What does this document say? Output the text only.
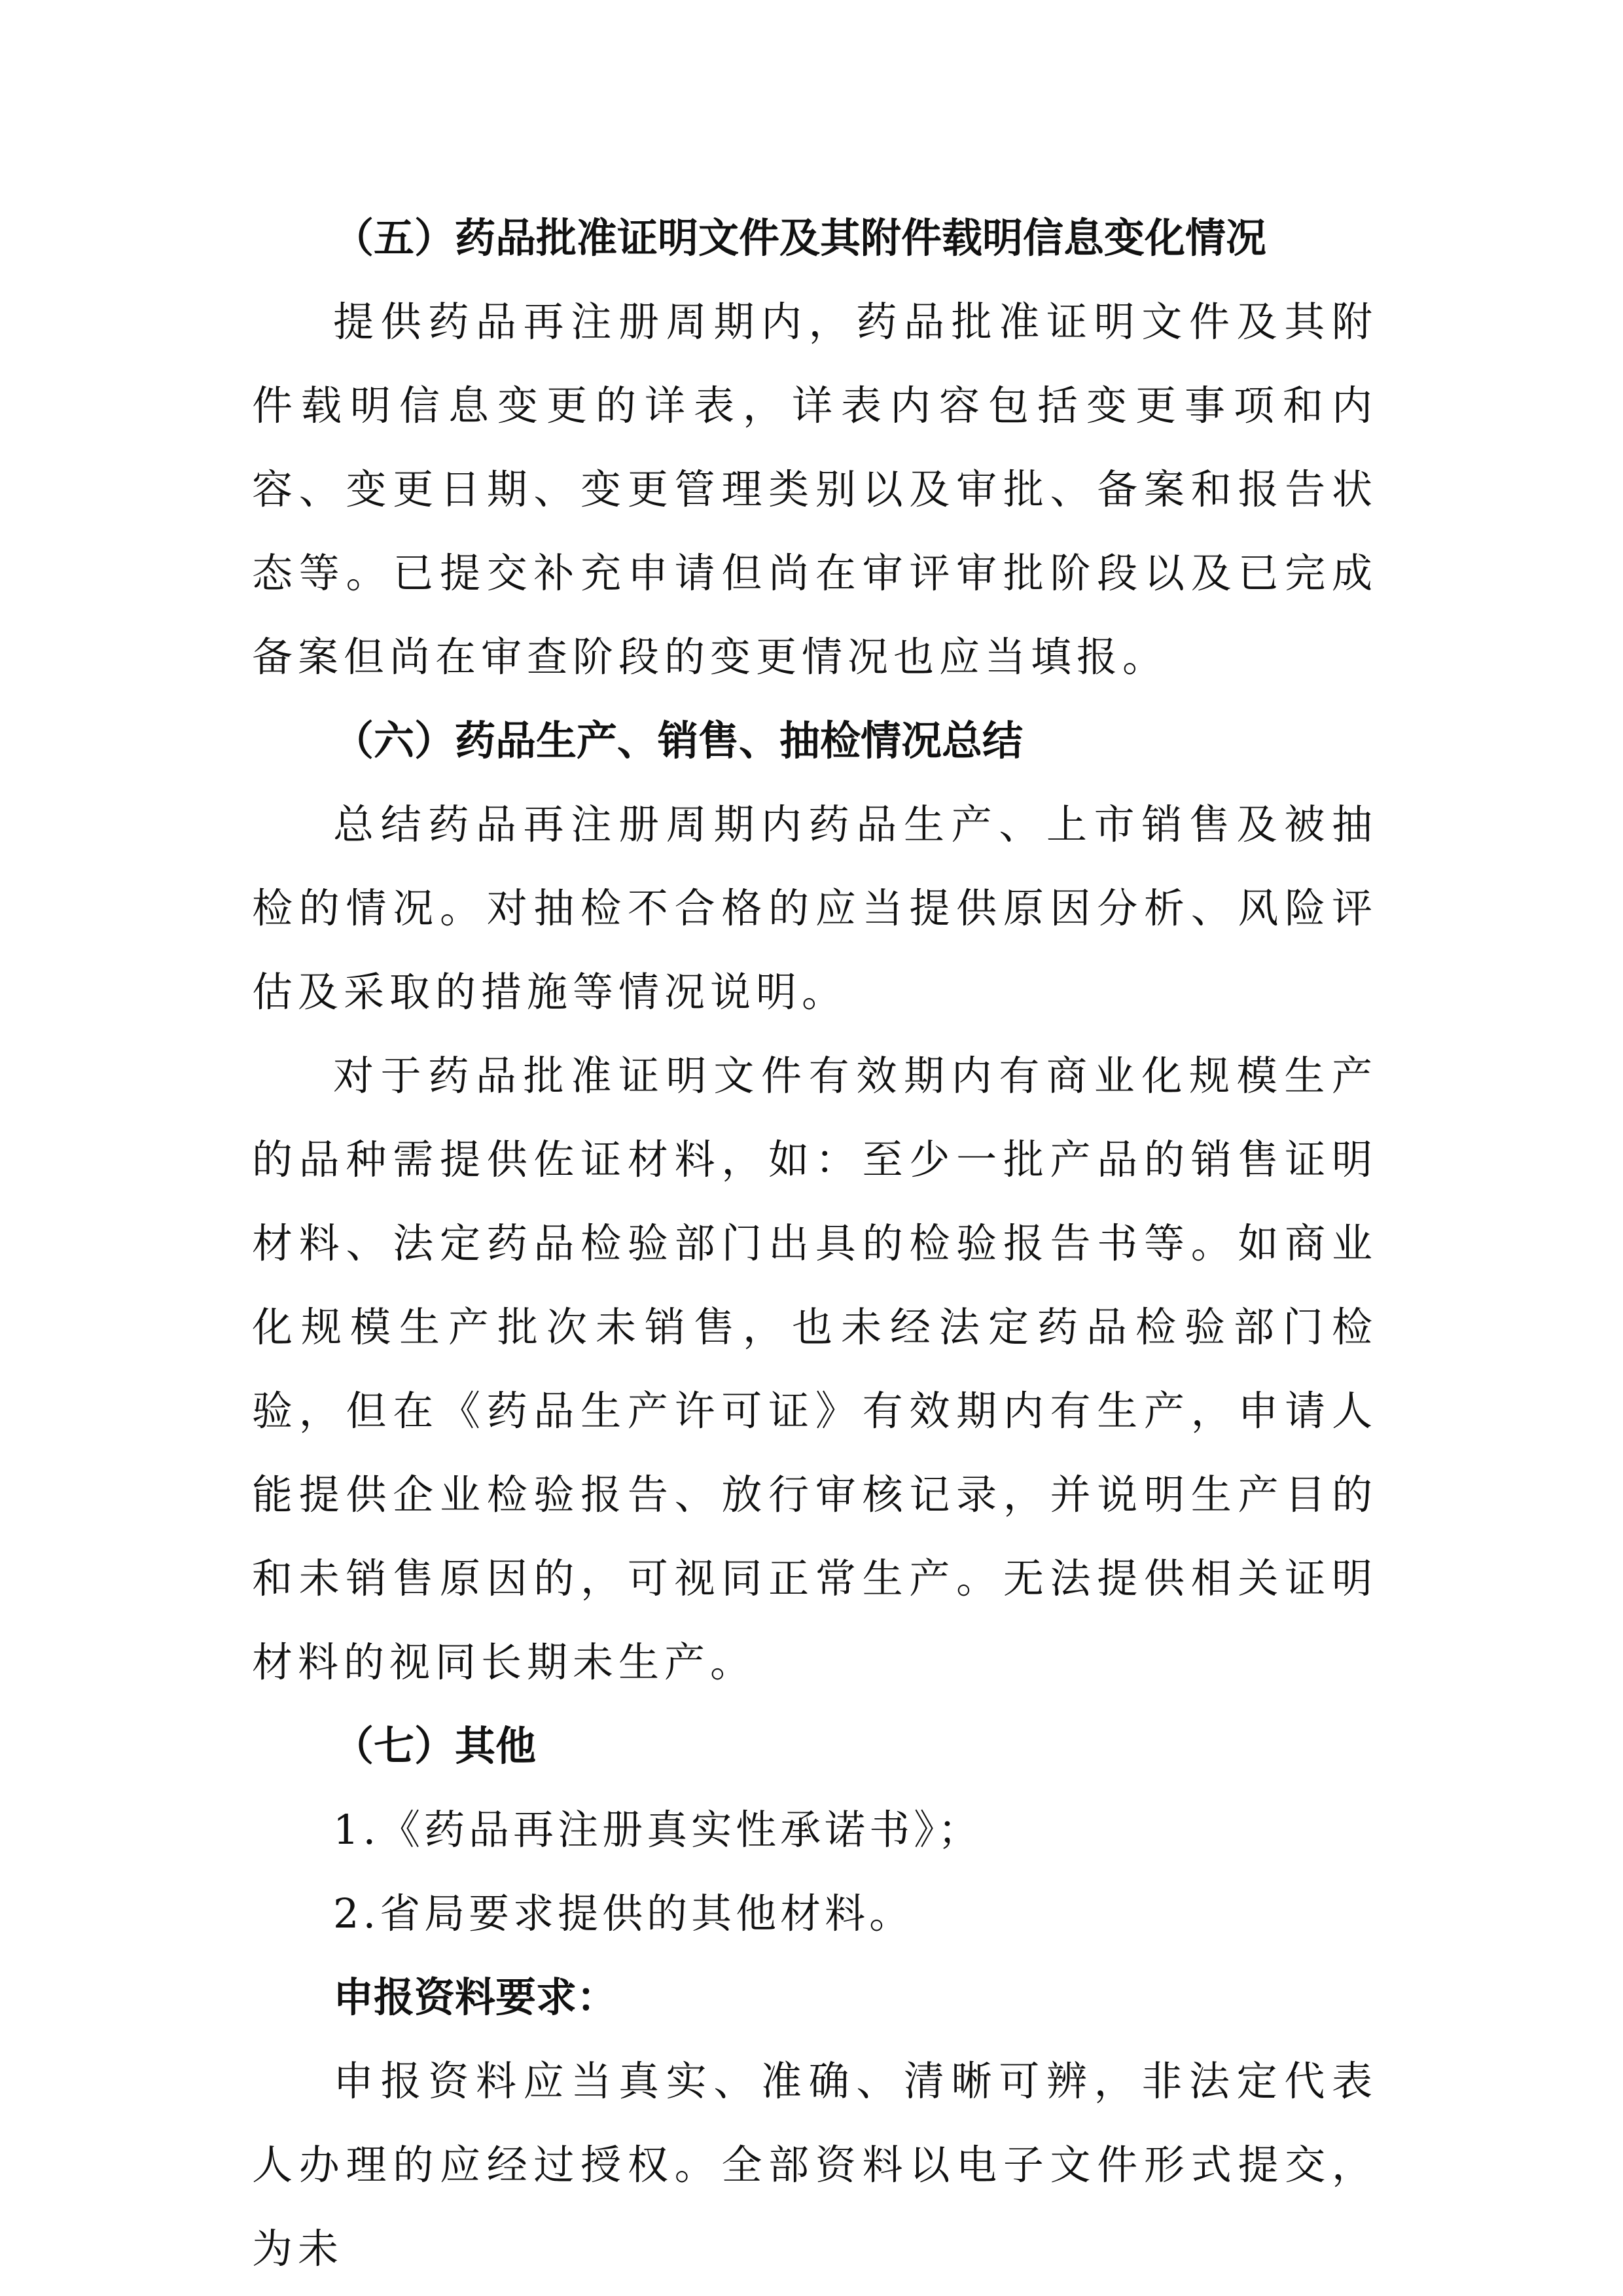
（五）药品批准证明文件及其附件载明信息变化情况

提供药品再注册周期内，药品批准证明文件及其附件载明信息变更的详表，详表内容包括变更事项和内容、变更日期、变更管理类别以及审批、备案和报告状态等。已提交补充申请但尚在审评审批阶段以及已完成备案但尚在审查阶段的变更情况也应当填报。

（六）药品生产、销售、抽检情况总结

总结药品再注册周期内药品生产、上市销售及被抽检的情况。对抽检不合格的应当提供原因分析、风险评估及采取的措施等情况说明。

对于药品批准证明文件有效期内有商业化规模生产的品种需提供佐证材料，如：至少一批产品的销售证明材料、法定药品检验部门出具的检验报告书等。如商业化规模生产批次未销售，也未经法定药品检验部门检验，但在《药品生产许可证》有效期内有生产，申请人能提供企业检验报告、放行审核记录，并说明生产目的和未销售原因的，可视同正常生产。无法提供相关证明材料的视同长期未生产。

（七）其他

1.《药品再注册真实性承诺书》；

2.省局要求提供的其他材料。

申报资料要求：

申报资料应当真实、准确、清晰可辨，非法定代表人办理的应经过授权。全部资料以电子文件形式提交，为未
